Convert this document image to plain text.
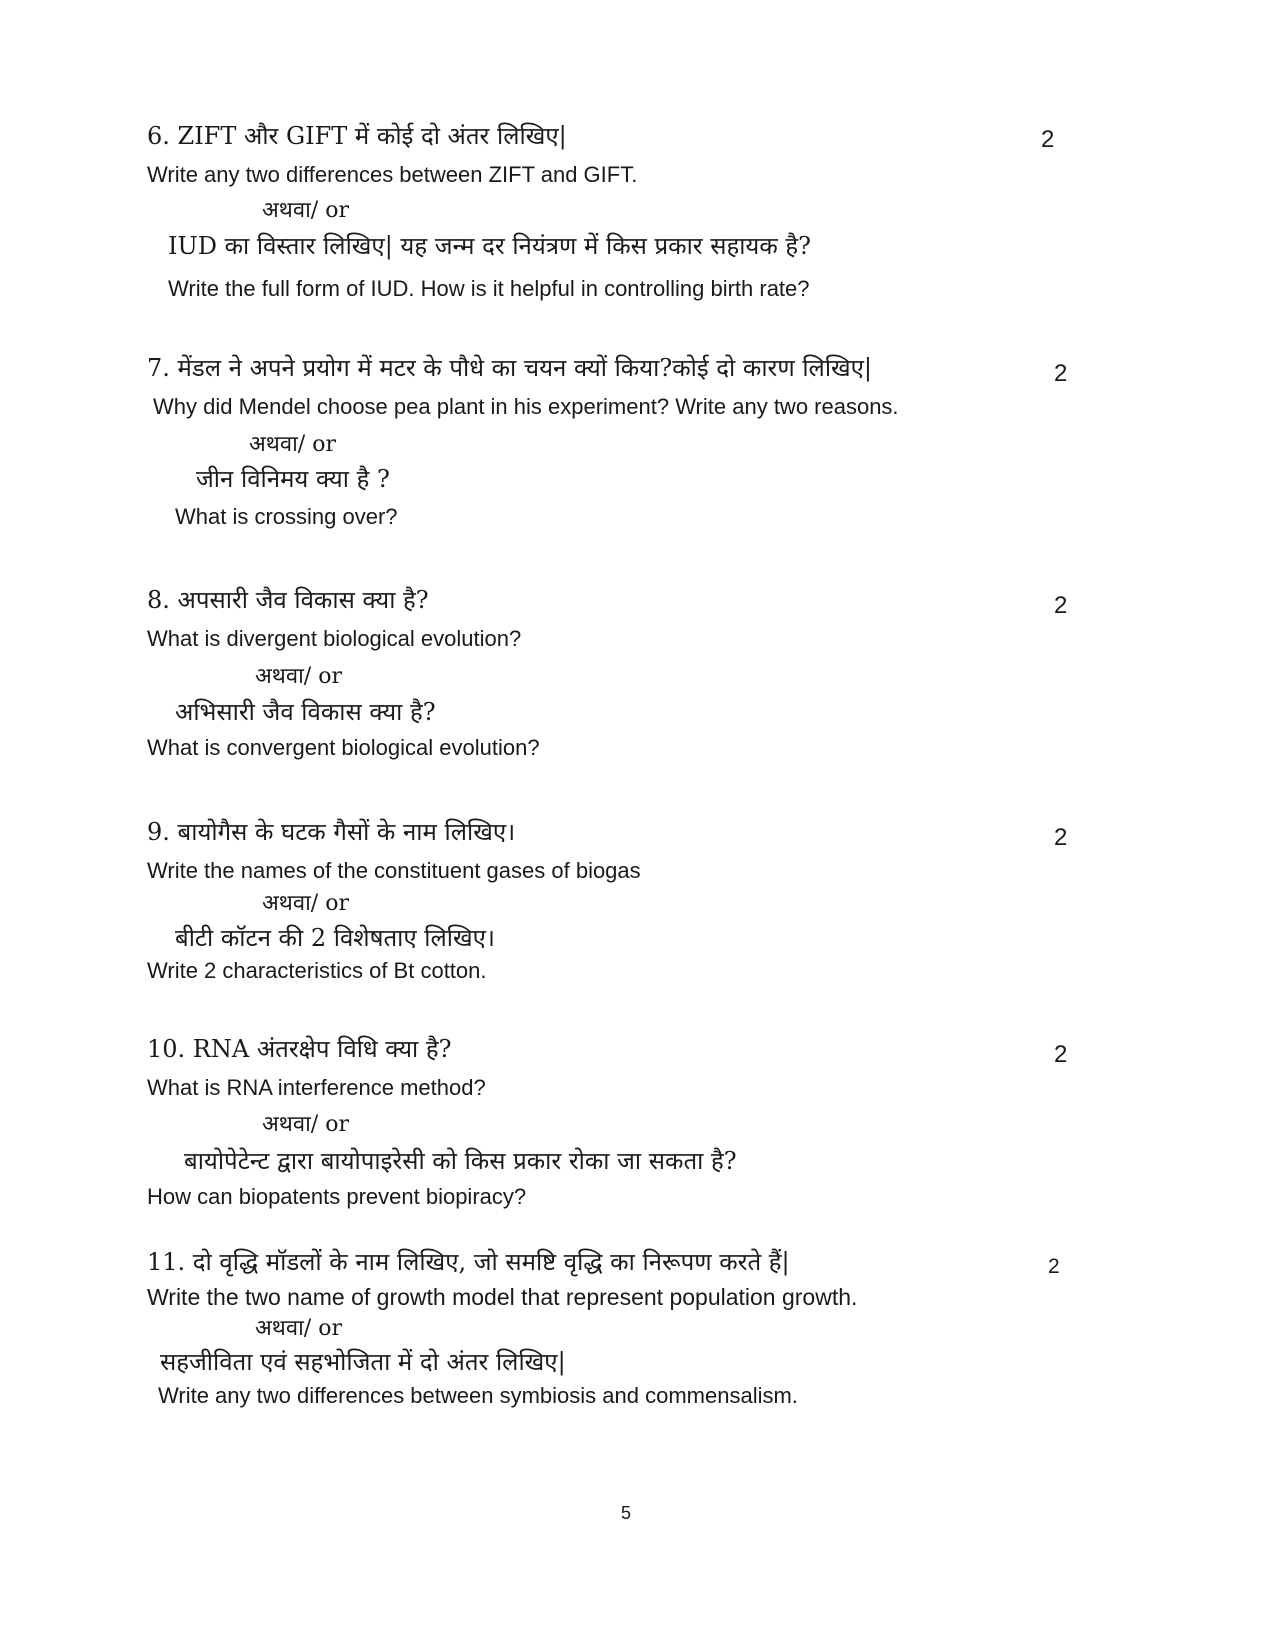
6. ZIFT और GIFT में कोई दो अंतर लिखिए|	2
Write any two differences between ZIFT and GIFT.
अथवा/ or
IUD का विस्तार लिखिए| यह जन्म दर नियंत्रण में किस प्रकार सहायक है?
Write the full form of IUD. How is it helpful in controlling birth rate?
7. मेंडल ने अपने प्रयोग में मटर के पौधे का चयन क्यों किया?कोई दो कारण लिखिए|	2
Why did Mendel choose pea plant in his experiment? Write any two reasons.
अथवा/ or
जीन विनिमय क्या है ?
What is crossing over?
8. अपसारी जैव विकास क्या है?	2
What is divergent biological evolution?
अथवा/ or
अभिसारी जैव विकास क्या है?
What is convergent biological evolution?
9. बायोगैस के घटक गैसों के नाम लिखिए।	2
Write the names of the constituent gases of biogas
अथवा/ or
बीटी कॉटन की 2 विशेषताए लिखिए।
Write 2 characteristics of Bt cotton.
10. RNA अंतरक्षेप विधि क्या है?	2
What is RNA interference method?
अथवा/ or
बायोपेटेन्ट द्वारा बायोपाइरेसी को किस प्रकार रोका जा सकता है?
How can biopatents prevent biopiracy?
11. दो वृद्धि मॉडलों के नाम लिखिए, जो समष्टि वृद्धि का निरूपण करते हैं|	2
Write the two name of growth model that represent population growth.
अथवा/ or
सहजीविता एवं सहभोजिता में दो अंतर लिखिए|
Write any two differences between symbiosis and commensalism.
5
